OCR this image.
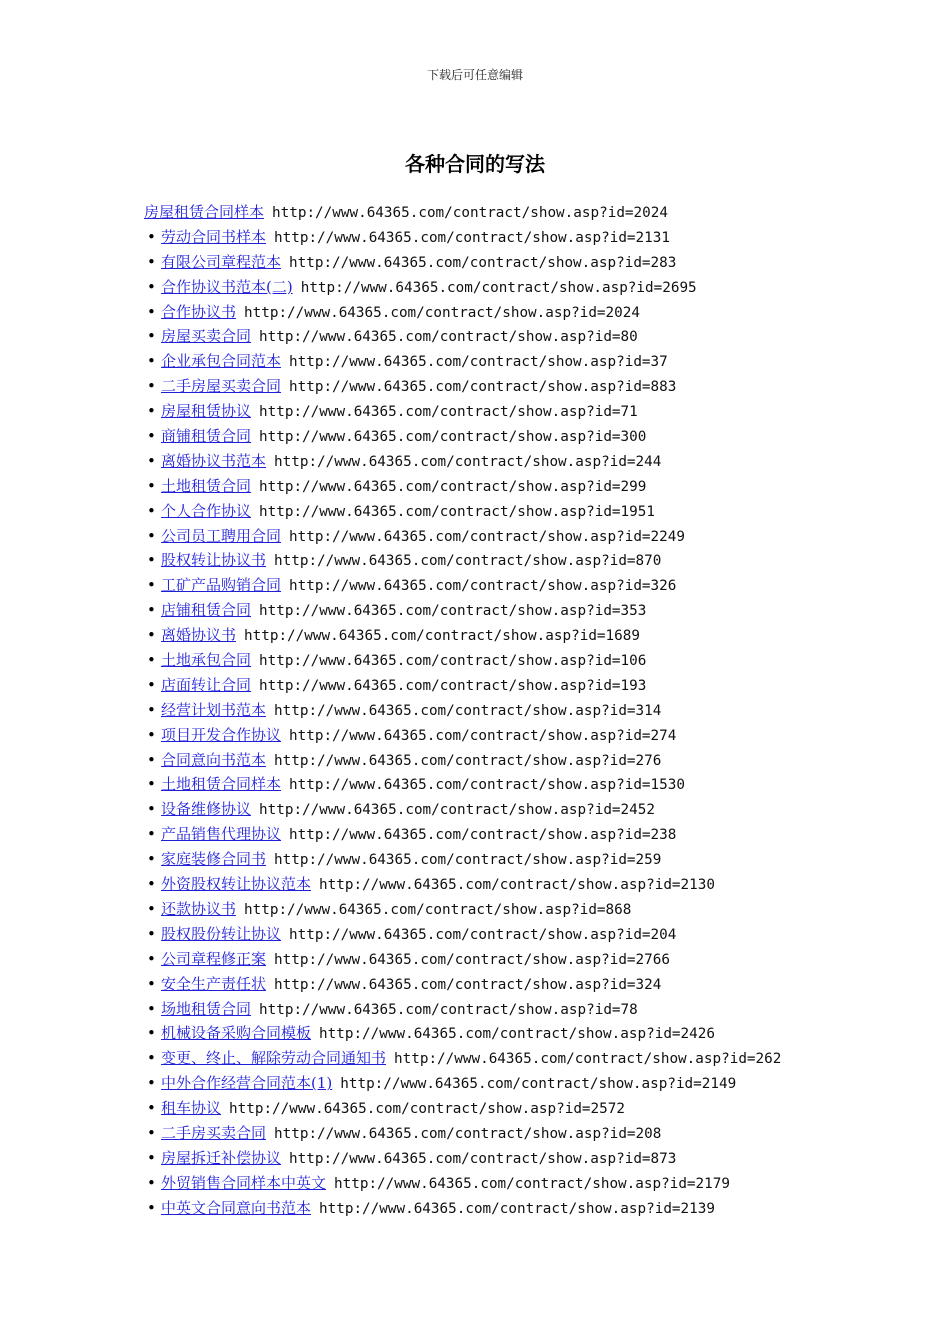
下载后可任意编辑
各种合同的写法
房屋租赁合同样本 http://www.64365.com/contract/show.asp?id=2024
• 劳动合同书样本 http://www.64365.com/contract/show.asp?id=2131
• 有限公司章程范本 http://www.64365.com/contract/show.asp?id=283
• 合作协议书范本(二) http://www.64365.com/contract/show.asp?id=2695
• 合作协议书 http://www.64365.com/contract/show.asp?id=2024
• 房屋买卖合同 http://www.64365.com/contract/show.asp?id=80
• 企业承包合同范本 http://www.64365.com/contract/show.asp?id=37
• 二手房屋买卖合同 http://www.64365.com/contract/show.asp?id=883
• 房屋租赁协议 http://www.64365.com/contract/show.asp?id=71
• 商铺租赁合同 http://www.64365.com/contract/show.asp?id=300
• 离婚协议书范本 http://www.64365.com/contract/show.asp?id=244
• 土地租赁合同 http://www.64365.com/contract/show.asp?id=299
• 个人合作协议 http://www.64365.com/contract/show.asp?id=1951
• 公司员工聘用合同 http://www.64365.com/contract/show.asp?id=2249
• 股权转让协议书 http://www.64365.com/contract/show.asp?id=870
• 工矿产品购销合同 http://www.64365.com/contract/show.asp?id=326
• 店铺租赁合同 http://www.64365.com/contract/show.asp?id=353
• 离婚协议书 http://www.64365.com/contract/show.asp?id=1689
• 土地承包合同 http://www.64365.com/contract/show.asp?id=106
• 店面转让合同 http://www.64365.com/contract/show.asp?id=193
• 经营计划书范本 http://www.64365.com/contract/show.asp?id=314
• 项目开发合作协议 http://www.64365.com/contract/show.asp?id=274
• 合同意向书范本 http://www.64365.com/contract/show.asp?id=276
• 土地租赁合同样本 http://www.64365.com/contract/show.asp?id=1530
• 设备维修协议 http://www.64365.com/contract/show.asp?id=2452
• 产品销售代理协议 http://www.64365.com/contract/show.asp?id=238
• 家庭装修合同书 http://www.64365.com/contract/show.asp?id=259
• 外资股权转让协议范本 http://www.64365.com/contract/show.asp?id=2130
• 还款协议书 http://www.64365.com/contract/show.asp?id=868
• 股权股份转让协议 http://www.64365.com/contract/show.asp?id=204
• 公司章程修正案 http://www.64365.com/contract/show.asp?id=2766
• 安全生产责任状 http://www.64365.com/contract/show.asp?id=324
• 场地租赁合同 http://www.64365.com/contract/show.asp?id=78
• 机械设备采购合同模板 http://www.64365.com/contract/show.asp?id=2426
• 变更、终止、解除劳动合同通知书 http://www.64365.com/contract/show.asp?id=262
• 中外合作经营合同范本(1) http://www.64365.com/contract/show.asp?id=2149
• 租车协议 http://www.64365.com/contract/show.asp?id=2572
• 二手房买卖合同 http://www.64365.com/contract/show.asp?id=208
• 房屋拆迁补偿协议 http://www.64365.com/contract/show.asp?id=873
• 外贸销售合同样本中英文 http://www.64365.com/contract/show.asp?id=2179
• 中英文合同意向书范本 http://www.64365.com/contract/show.asp?id=2139
